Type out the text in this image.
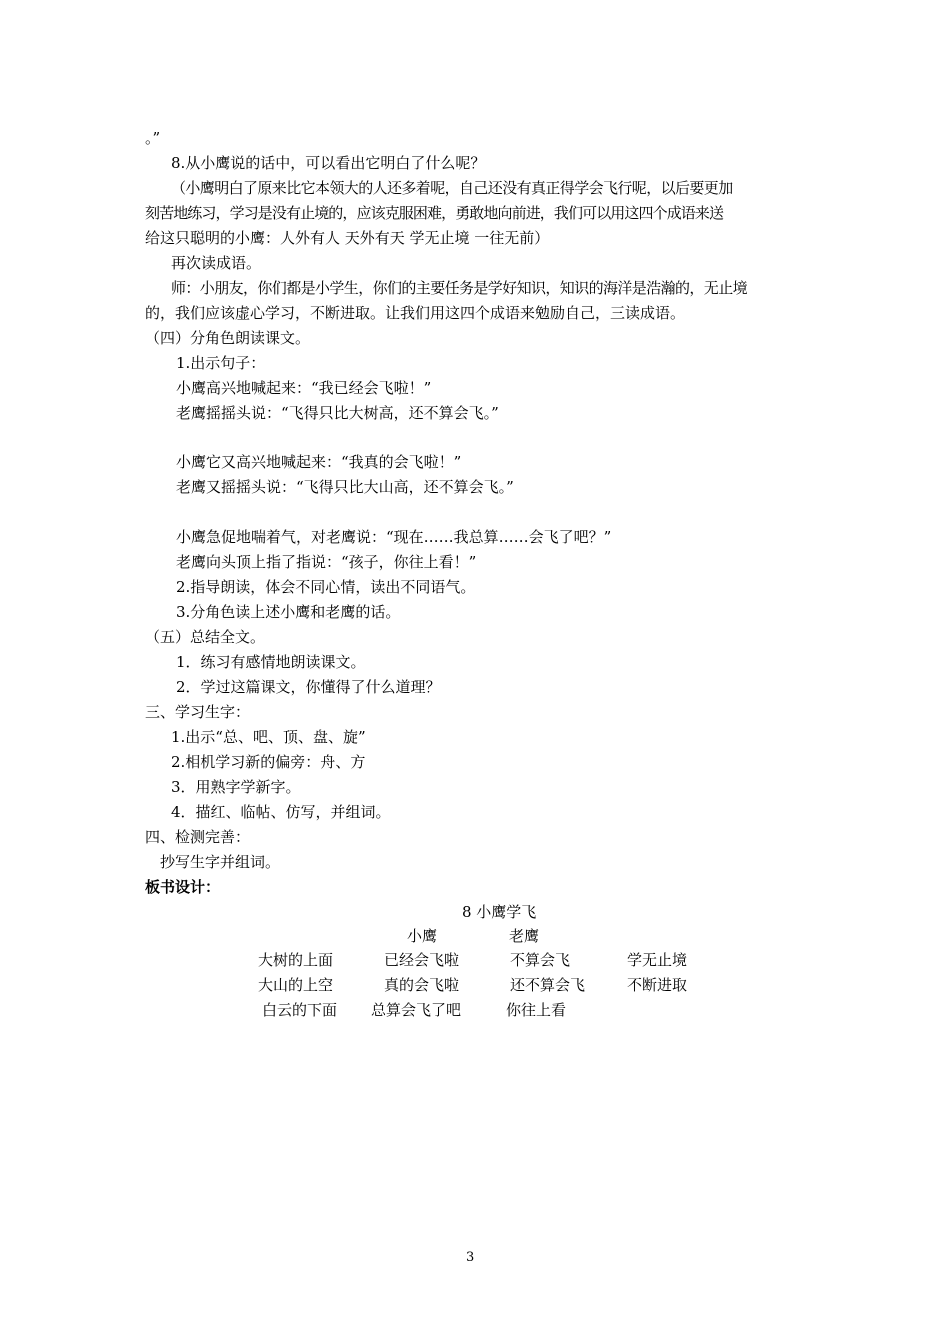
。”
8.从小鹰说的话中，可以看出它明白了什么呢？
（小鹰明白了原来比它本领大的人还多着呢，自己还没有真正得学会飞行呢，以后要更加
刻苦地练习，学习是没有止境的，应该克服困难，勇敢地向前进，我们可以用这四个成语来送
给这只聪明的小鹰：人外有人 天外有天 学无止境 一往无前）
再次读成语。
师：小朋友，你们都是小学生，你们的主要任务是学好知识，知识的海洋是浩瀚的，无止境
的，我们应该虚心学习，不断进取。让我们用这四个成语来勉励自己，三读成语。
（四）分角色朗读课文。
1.出示句子：
小鹰高兴地喊起来：“我已经会飞啦！”
老鹰摇摇头说：“飞得只比大树高，还不算会飞。”
小鹰它又高兴地喊起来：“我真的会飞啦！”
老鹰又摇摇头说：“飞得只比大山高，还不算会飞。”
小鹰急促地喘着气，对老鹰说：“现在……我总算……会飞了吧？”
老鹰向头顶上指了指说：“孩子，你往上看！”
2.指导朗读，体会不同心情，读出不同语气。
3.分角色读上述小鹰和老鹰的话。
（五）总结全文。
1．练习有感情地朗读课文。
2．学过这篇课文，你懂得了什么道理？
三、学习生字：
1.出示“总、吧、顶、盘、旋”
2.相机学习新的偏旁：舟、方
3．用熟字学新字。
4．描红、临帖、仿写，并组词。
四、检测完善：
抄写生字并组词。
板书设计：
8 小鹰学飞
小鹰	老鹰
大树的上面	已经会飞啦	不算会飞	学无止境
大山的上空	真的会飞啦	还不算会飞	不断进取
白云的下面 总算会飞了吧	你往上看
3
